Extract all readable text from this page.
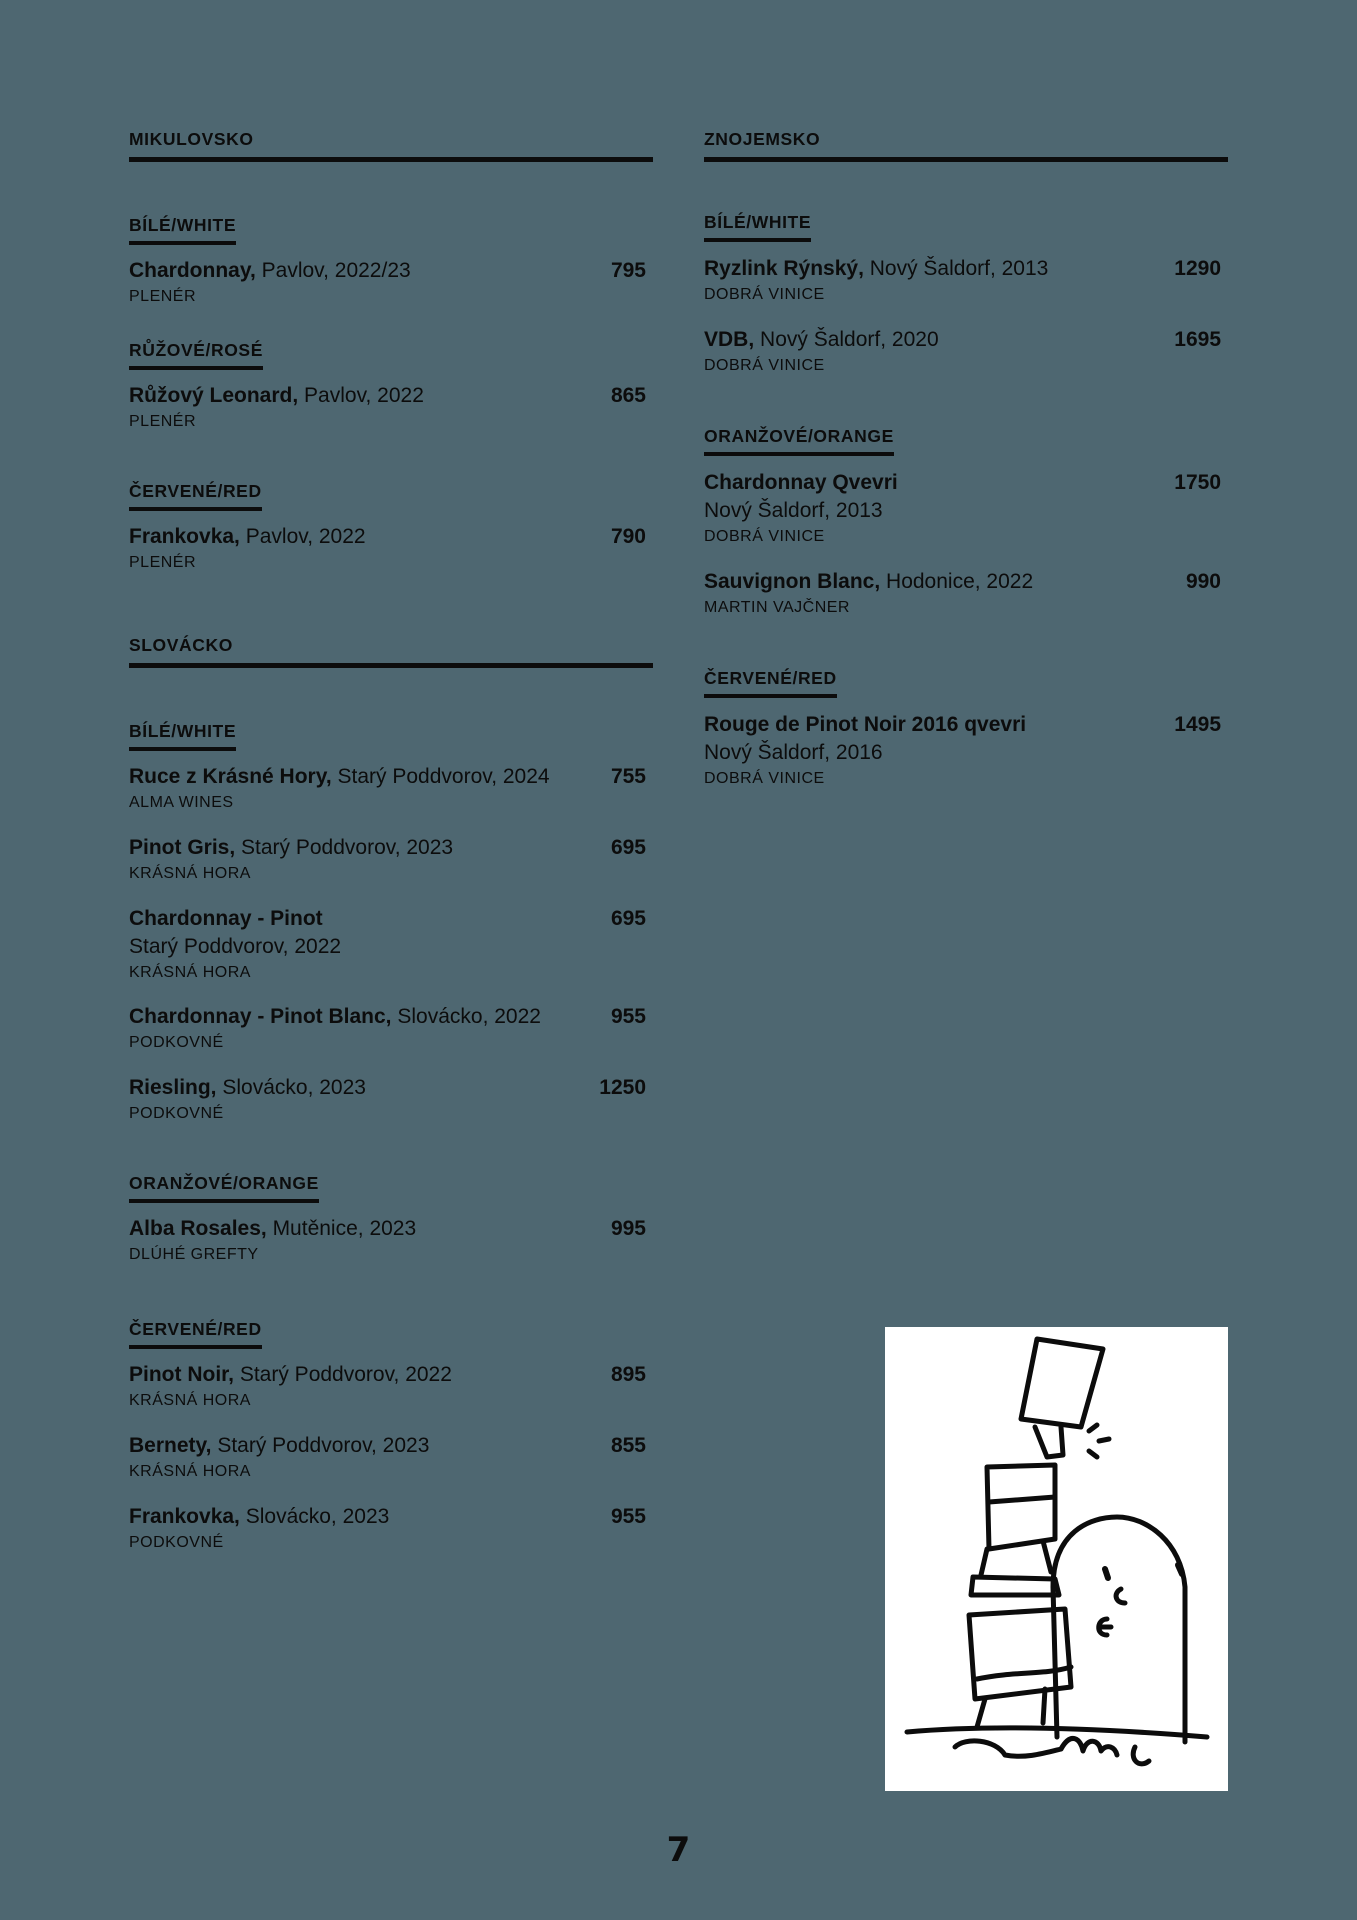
MIKULOVSKO
BÍLÉ/WHITE
Chardonnay, Pavlov, 2022/23	795
PLENÉR
RŮŽOVÉ/ROSÉ
Růžový Leonard, Pavlov, 2022	865
PLENÉR
ČERVENÉ/RED
Frankovka, Pavlov, 2022	790
PLENÉR
SLOVÁCKO
BÍLÉ/WHITE
Ruce z Krásné Hory, Starý Poddvorov, 2024	755
ALMA WINES
Pinot Gris, Starý Poddvorov, 2023	695
KRÁSNÁ HORA
Chardonnay - Pinot	695
Starý Poddvorov, 2022
KRÁSNÁ HORA
Chardonnay - Pinot Blanc, Slovácko, 2022	955
PODKOVNÉ
Riesling, Slovácko, 2023	1250
PODKOVNÉ
ORANŽOVÉ/ORANGE
Alba Rosales, Mutěnice, 2023	995
DLÚHÉ GREFTY
ČERVENÉ/RED
Pinot Noir, Starý Poddvorov, 2022	895
KRÁSNÁ HORA
Bernety, Starý Poddvorov, 2023	855
KRÁSNÁ HORA
Frankovka, Slovácko, 2023	955
PODKOVNÉ
ZNOJEMSKO
BÍLÉ/WHITE
Ryzlink Rýnský, Nový Šaldorf, 2013	1290
DOBRÁ VINICE
VDB, Nový Šaldorf, 2020	1695
DOBRÁ VINICE
ORANŽOVÉ/ORANGE
Chardonnay Qvevri	1750
Nový Šaldorf, 2013
DOBRÁ VINICE
Sauvignon Blanc, Hodonice, 2022	990
MARTIN VAJČNER
ČERVENÉ/RED
Rouge de Pinot Noir 2016 qvevri	1495
Nový Šaldorf, 2016
DOBRÁ VINICE
7
